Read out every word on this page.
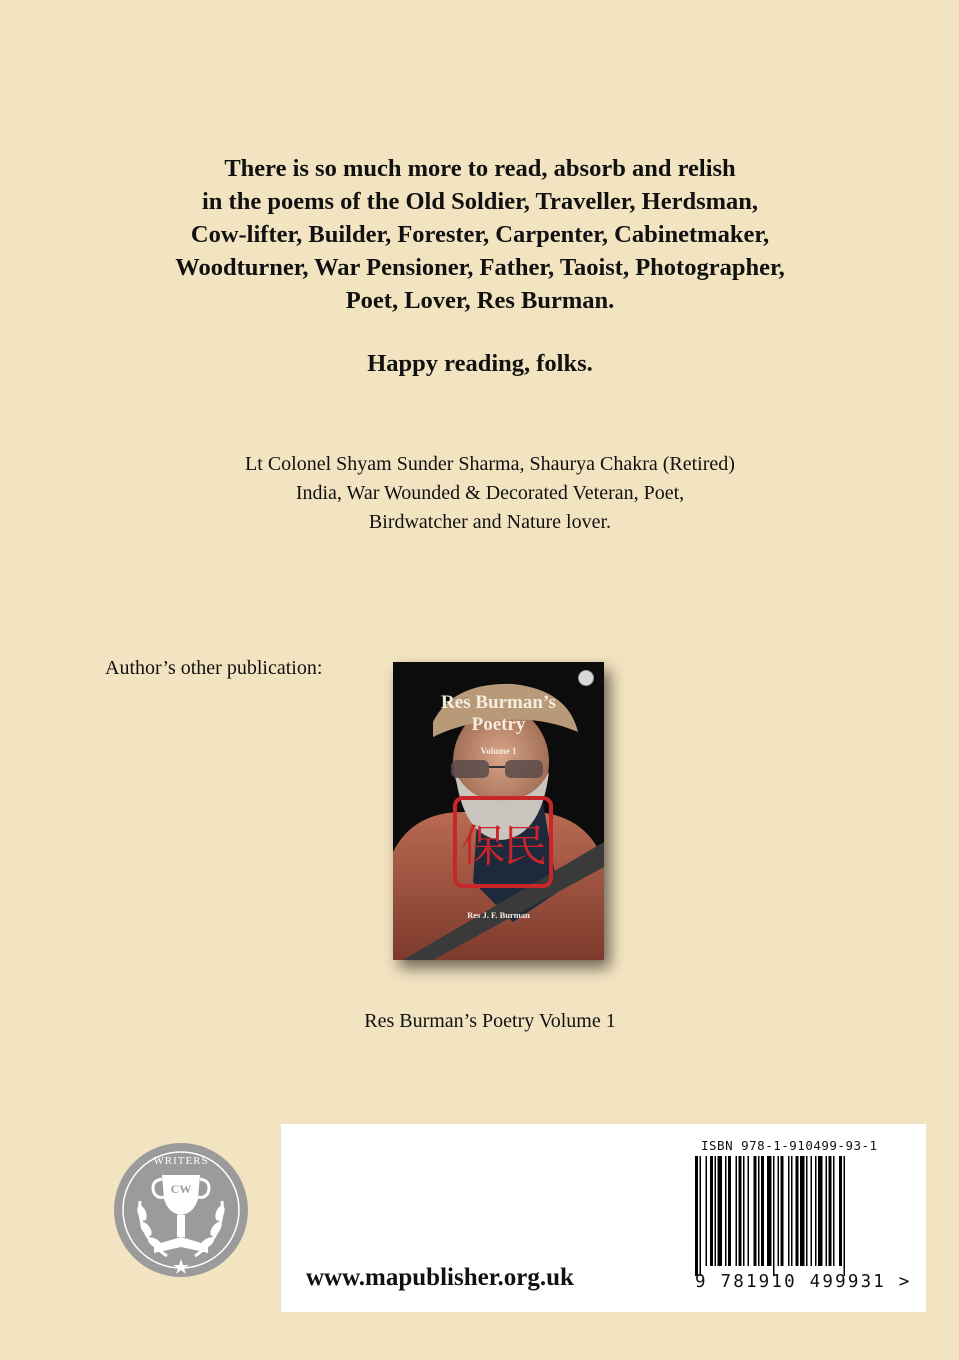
There is so much more to read, absorb and relish
in the poems of the Old Soldier, Traveller, Herdsman,
Cow-lifter, Builder, Forester, Carpenter, Cabinetmaker,
Woodturner, War Pensioner, Father, Taoist, Photographer,
Poet, Lover, Res Burman.
Happy reading, folks.
Lt Colonel Shyam Sunder Sharma, Shaurya Chakra (Retired)
India, War Wounded & Decorated Veteran, Poet,
Birdwatcher and Nature lover.
Author’s other publication:
保民
Res Burman’s
Poetry
Volume 1
Res J. F. Burman
Res Burman’s Poetry Volume 1
WRITERS
CW
www.mapublisher.org.uk
ISBN 978-1-910499-93-1
9 781910 499931 >
